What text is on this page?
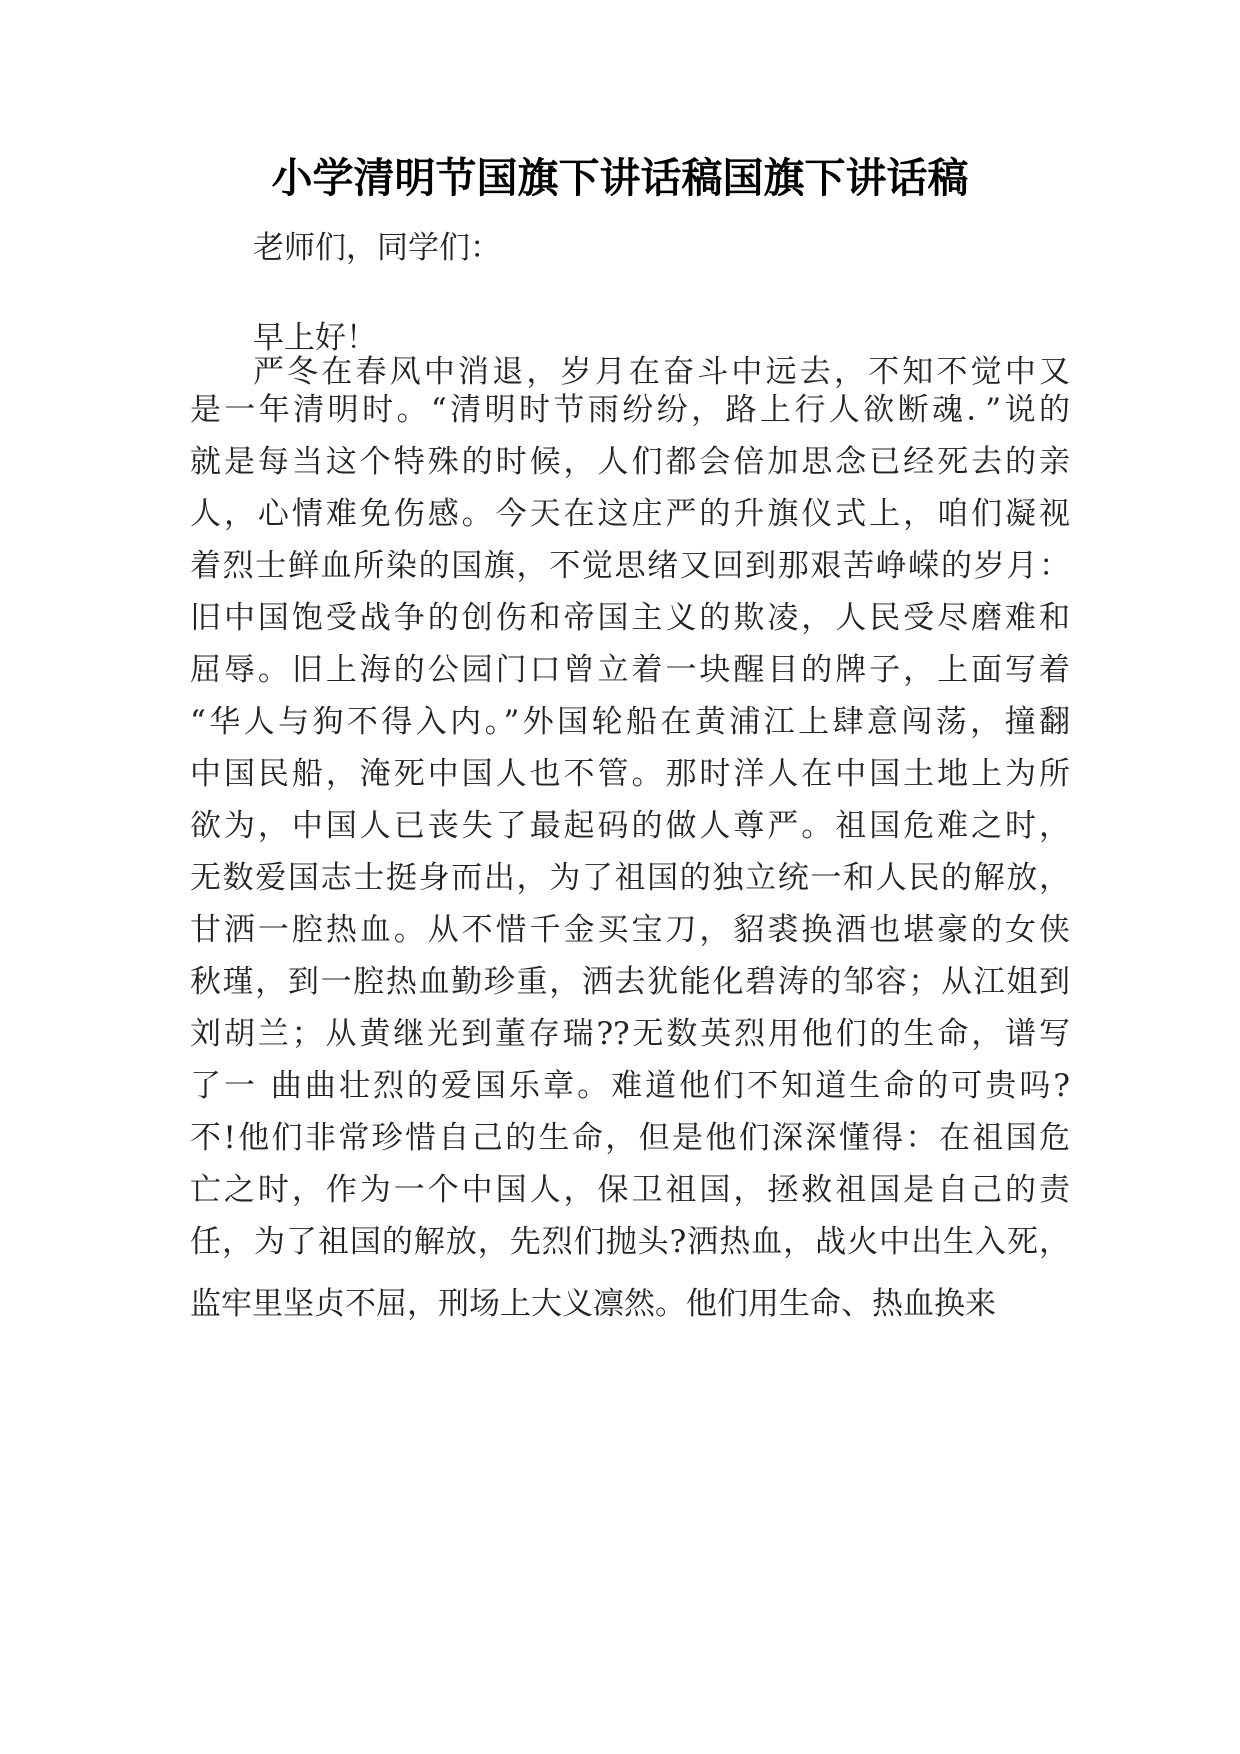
小学清明节国旗下讲话稿国旗下讲话稿

老师们，同学们：

早上好！

严冬在春风中消退，岁月在奋斗中远去，不知不觉中又

是一年清明时。“清明时节雨纷纷，路上行人欲断魂．”说的

就是每当这个特殊的时候，人们都会倍加思念已经死去的亲

人，心情难免伤感。今天在这庄严的升旗仪式上，咱们凝视

着烈士鲜血所染的国旗，不觉思绪又回到那艰苦峥嵘的岁月：

旧中国饱受战争的创伤和帝国主义的欺凌，人民受尽磨难和

屈辱。旧上海的公园门口曾立着一块醒目的牌子，上面写着

“华人与狗不得入内。”外国轮船在黄浦江上肆意闯荡，撞翻

中国民船，淹死中国人也不管。那时洋人在中国土地上为所

欲为，中国人已丧失了最起码的做人尊严。祖国危难之时，

无数爱国志士挺身而出，为了祖国的独立统一和人民的解放，

甘洒一腔热血。从不惜千金买宝刀，貂裘换酒也堪豪的女侠

秋瑾，到一腔热血勤珍重，洒去犹能化碧涛的邹容；从江姐到

刘胡兰；从黄继光到董存瑞??无数英烈用他们的生命，谱写

了一 曲曲壮烈的爱国乐章。难道他们不知道生命的可贵吗?

不!他们非常珍惜自己的生命，但是他们深深懂得：在祖国危

亡之时，作为一个中国人，保卫祖国，拯救祖国是自己的责

任，为了祖国的解放，先烈们抛头?洒热血，战火中出生入死，

监牢里坚贞不屈，刑场上大义凛然。他们用生命、热血换来
